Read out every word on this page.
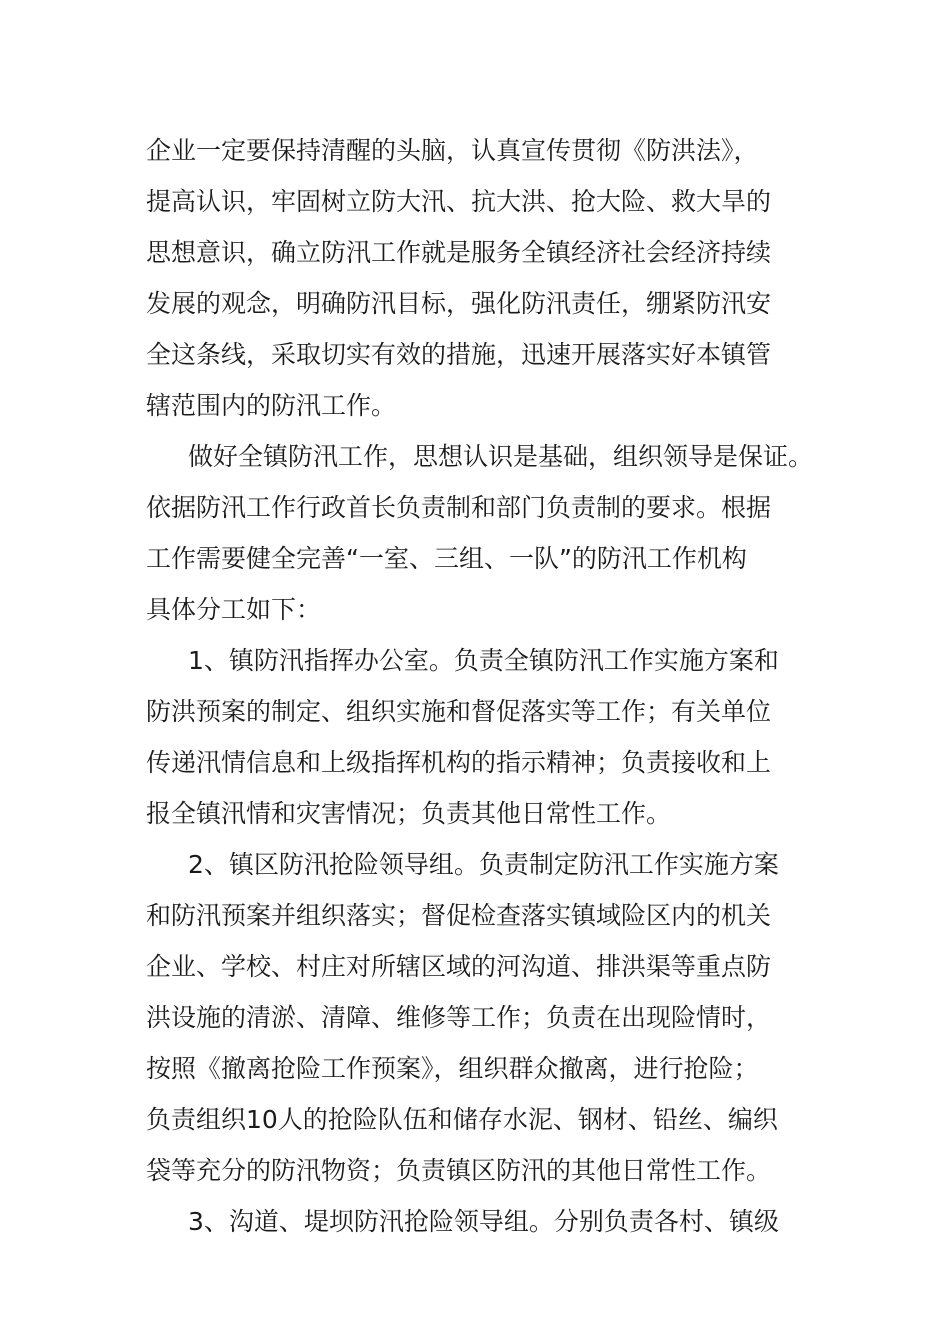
企业一定要保持清醒的头脑，认真宣传贯彻《防洪法》，
提高认识，牢固树立防大汛、抗大洪、抢大险、救大旱的
思想意识，确立防汛工作就是服务全镇经济社会经济持续
发展的观念，明确防汛目标，强化防汛责任，绷紧防汛安
全这条线，采取切实有效的措施，迅速开展落实好本镇管
辖范围内的防汛工作。
做好全镇防汛工作，思想认识是基础，组织领导是保证。
依据防汛工作行政首长负责制和部门负责制的要求。根据
工作需要健全完善“一室、三组、一队”的防汛工作机构
具体分工如下：
1、镇防汛指挥办公室。负责全镇防汛工作实施方案和
防洪预案的制定、组织实施和督促落实等工作；有关单位
传递汛情信息和上级指挥机构的指示精神；负责接收和上
报全镇汛情和灾害情况；负责其他日常性工作。
2、镇区防汛抢险领导组。负责制定防汛工作实施方案
和防汛预案并组织落实；督促检查落实镇域险区内的机关
企业、学校、村庄对所辖区域的河沟道、排洪渠等重点防
洪设施的清淤、清障、维修等工作；负责在出现险情时，
按照《撤离抢险工作预案》，组织群众撤离，进行抢险；
负责组织10人的抢险队伍和储存水泥、钢材、铅丝、编织
袋等充分的防汛物资；负责镇区防汛的其他日常性工作。
3、沟道、堤坝防汛抢险领导组。分别负责各村、镇级
